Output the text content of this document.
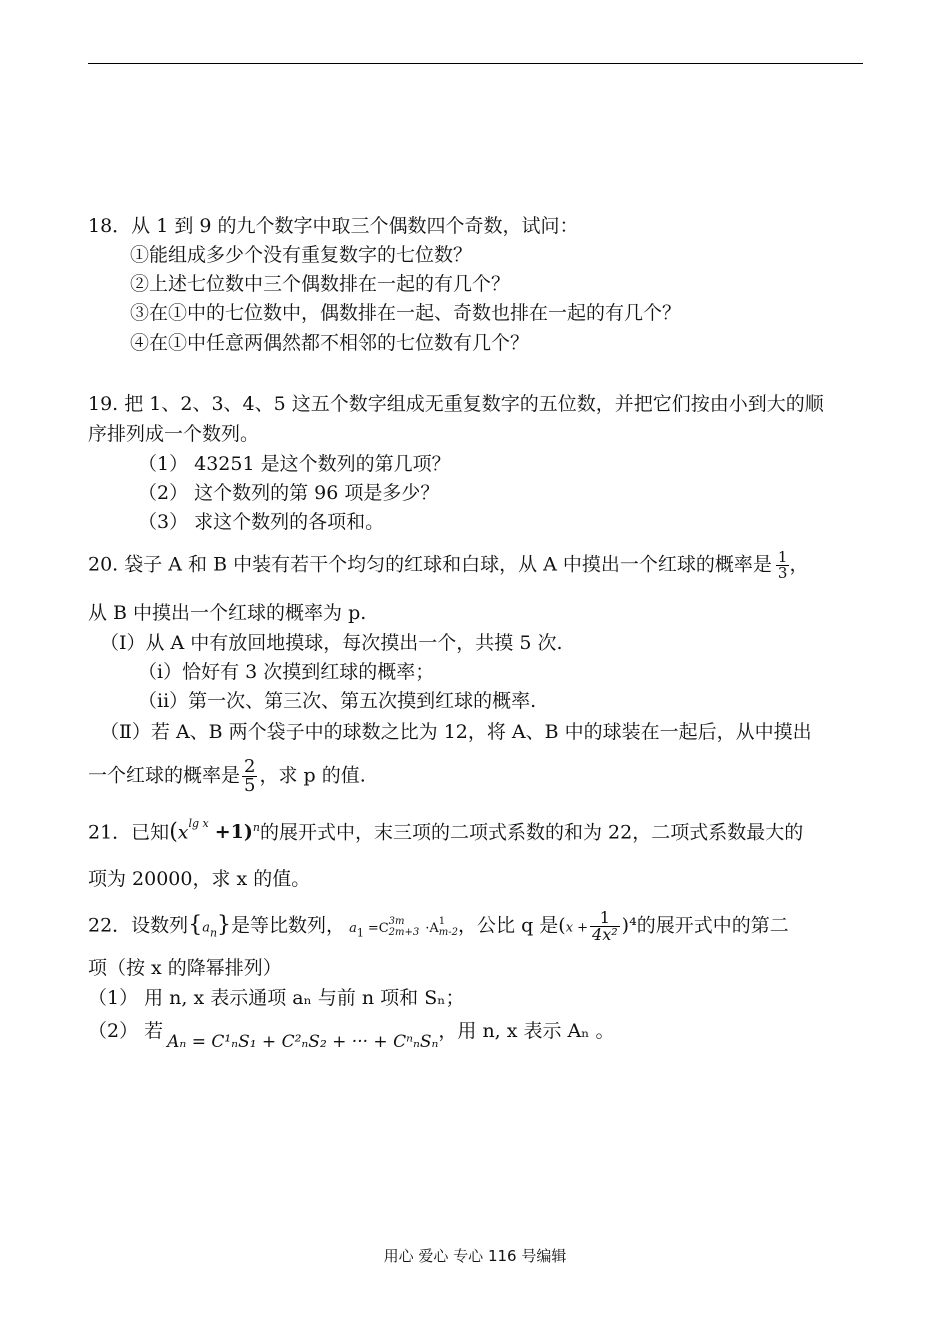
18．从 1 到 9 的九个数字中取三个偶数四个奇数，试问：
①能组成多少个没有重复数字的七位数？
②上述七位数中三个偶数排在一起的有几个？
③在①中的七位数中，偶数排在一起、奇数也排在一起的有几个？
④在①中任意两偶然都不相邻的七位数有几个？
19. 把 1、2、3、4、5 这五个数字组成无重复数字的五位数，并把它们按由小到大的顺
序排列成一个数列。
（1） 43251 是这个数列的第几项？
（2） 这个数列的第 96 项是多少？
（3） 求这个数列的各项和。
20. 袋子 A 和 B 中装有若干个均匀的红球和白球，从 A 中摸出一个红球的概率是 $\frac{1}{3}$ ，
从 B 中摸出一个红球的概率为 p.
（Ⅰ）从 A 中有放回地摸球，每次摸出一个，共摸 5 次.
（i）恰好有 3 次摸到红球的概率；
（ii）第一次、第三次、第五次摸到红球的概率.
（Ⅱ）若 A、B 两个袋子中的球数之比为 12，将 A、B 中的球装在一起后，从中摸出
一个红球的概率是 $\frac{2}{5}$ ，求 p 的值.
21．已知$(x^{lg x} +1)^n$的展开式中，末三项的二项式系数的和为 22，二项式系数最大的
项为 20000，求 x 的值。
22．设数列$\{a_n\}$是等比数列， $a_1 =C$ 3m
2m+3 ·A 1
m-2 ，公比 q 是$(x + \frac{1}{\text{4x²}} )^4$的展开式中的第二
项（按 x 的降幂排列）
（1） 用 n, x 表示通项 aₙ 与前 n 项和 Sₙ；
（2） 若 Aₙ = C¹ₙS₁ + C²ₙS₂ + ··· + CⁿₙSₙ，用 n, x 表示 Aₙ 。
用心 爱心 专心 116 号编辑
